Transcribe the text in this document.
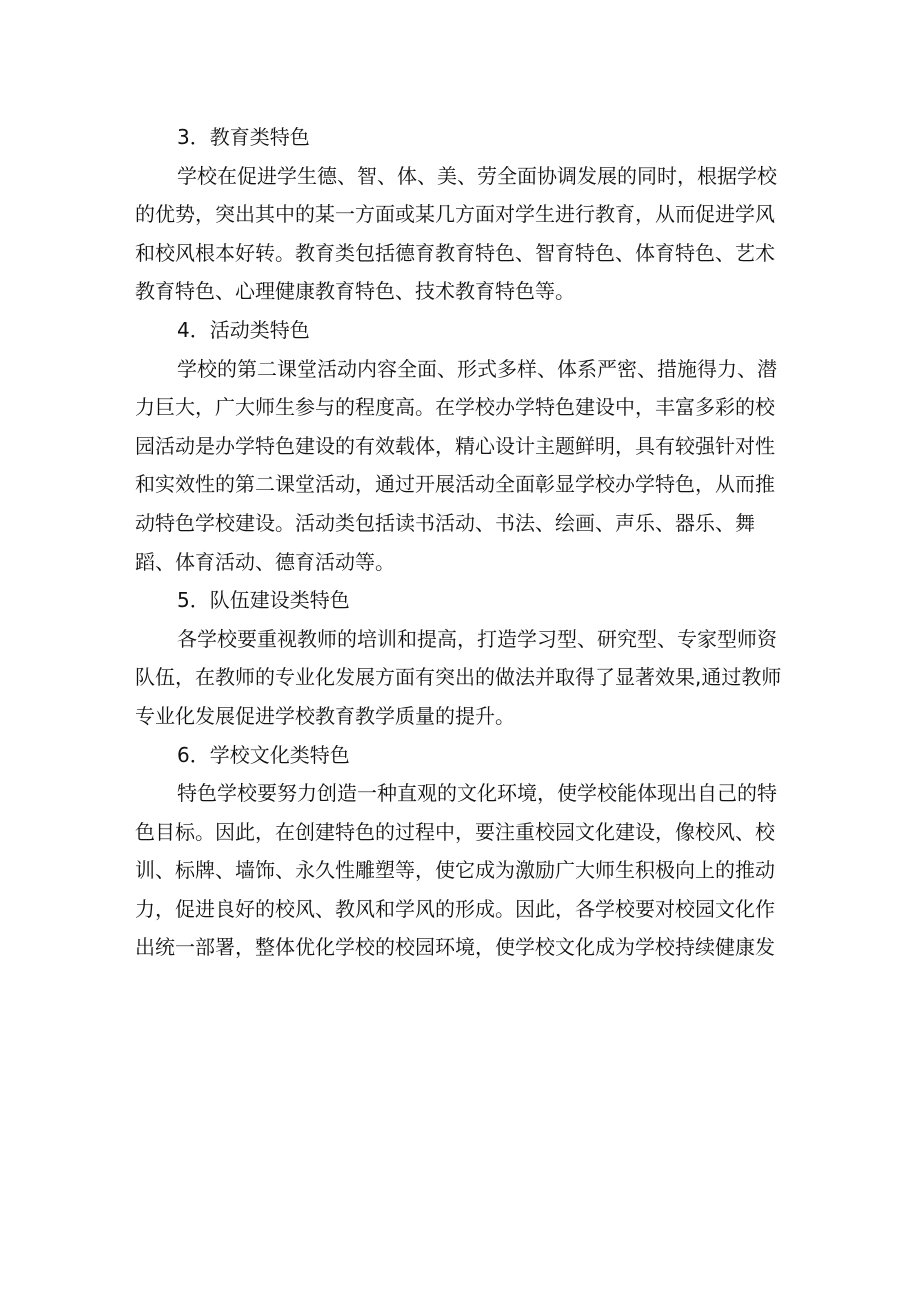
3．教育类特色
学校在促进学生德、智、体、美、劳全面协调发展的同时，根据学校
的优势，突出其中的某一方面或某几方面对学生进行教育，从而促进学风
和校风根本好转。教育类包括德育教育特色、智育特色、体育特色、艺术
教育特色、心理健康教育特色、技术教育特色等。
4．活动类特色
学校的第二课堂活动内容全面、形式多样、体系严密、措施得力、潜
力巨大，广大师生参与的程度高。在学校办学特色建设中，丰富多彩的校
园活动是办学特色建设的有效载体，精心设计主题鲜明，具有较强针对性
和实效性的第二课堂活动，通过开展活动全面彰显学校办学特色，从而推
动特色学校建设。活动类包括读书活动、书法、绘画、声乐、器乐、舞
蹈、体育活动、德育活动等。
5．队伍建设类特色
各学校要重视教师的培训和提高，打造学习型、研究型、专家型师资
队伍，在教师的专业化发展方面有突出的做法并取得了显著效果,通过教师
专业化发展促进学校教育教学质量的提升。
6．学校文化类特色
特色学校要努力创造一种直观的文化环境，使学校能体现出自己的特
色目标。因此，在创建特色的过程中，要注重校园文化建设，像校风、校
训、标牌、墙饰、永久性雕塑等，使它成为激励广大师生积极向上的推动
力，促进良好的校风、教风和学风的形成。因此，各学校要对校园文化作
出统一部署，整体优化学校的校园环境，使学校文化成为学校持续健康发
